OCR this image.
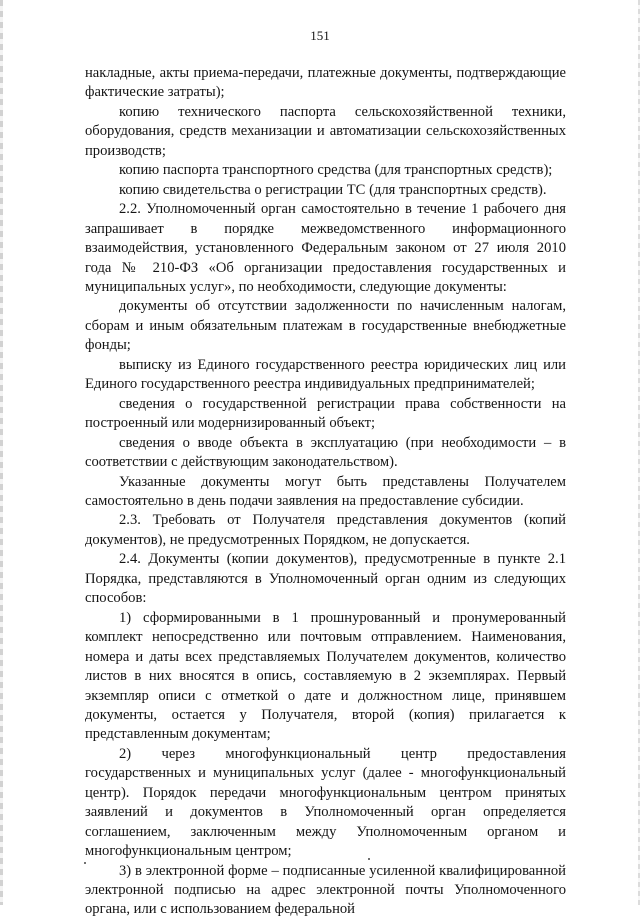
151

накладные, акты приема-передачи, платежные документы, подтверждающие фактические затраты);

копию технического паспорта сельскохозяйственной техники, оборудования, средств механизации и автоматизации сельскохозяйственных производств;

копию паспорта транспортного средства (для транспортных средств);

копию свидетельства о регистрации ТС (для транспортных средств).

2.2. Уполномоченный орган самостоятельно в течение 1 рабочего дня запрашивает в порядке межведомственного информационного взаимодействия, установленного Федеральным законом от 27 июля 2010 года № 210-ФЗ «Об организации предоставления государственных и муниципальных услуг», по необходимости, следующие документы:

документы об отсутствии задолженности по начисленным налогам, сборам и иным обязательным платежам в государственные внебюджетные фонды;

выписку из Единого государственного реестра юридических лиц или Единого государственного реестра индивидуальных предпринимателей;

сведения о государственной регистрации права собственности на построенный или модернизированный объект;

сведения о вводе объекта в эксплуатацию (при необходимости – в соответствии с действующим законодательством).

Указанные документы могут быть представлены Получателем самостоятельно в день подачи заявления на предоставление субсидии.

2.3. Требовать от Получателя представления документов (копий документов), не предусмотренных Порядком, не допускается.

2.4. Документы (копии документов), предусмотренные в пункте 2.1 Порядка, представляются в Уполномоченный орган одним из следующих способов:

1) сформированными в 1 прошнурованный и пронумерованный комплект непосредственно или почтовым отправлением. Наименования, номера и даты всех представляемых Получателем документов, количество листов в них вносятся в опись, составляемую в 2 экземплярах. Первый экземпляр описи с отметкой о дате и должностном лице, принявшем документы, остается у Получателя, второй (копия) прилагается к представленным документам;

2) через многофункциональный центр предоставления государственных и муниципальных услуг (далее - многофункциональный центр). Порядок передачи многофункциональным центром принятых заявлений и документов в Уполномоченный орган определяется соглашением, заключенным между Уполномоченным органом и многофункциональным центром;

3) в электронной форме – подписанные усиленной квалифицированной электронной подписью на адрес электронной почты Уполномоченного органа, или с использованием федеральной
